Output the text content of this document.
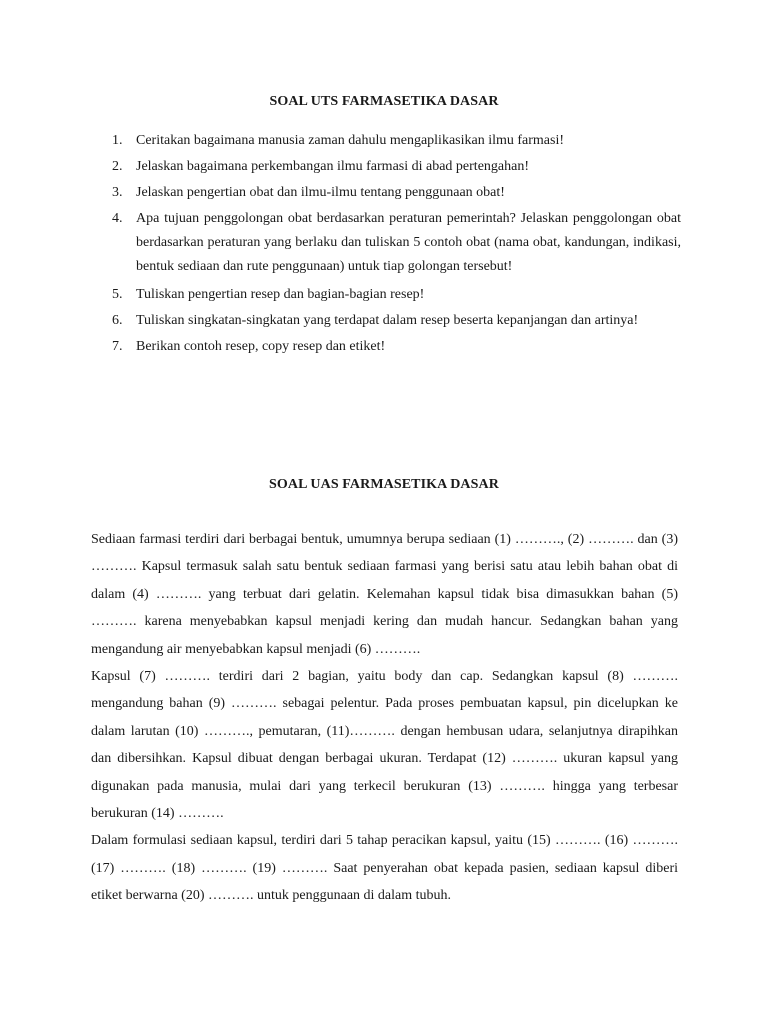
SOAL UTS FARMASETIKA DASAR
1. Ceritakan bagaimana manusia zaman dahulu mengaplikasikan ilmu farmasi!
2. Jelaskan bagaimana perkembangan ilmu farmasi di abad pertengahan!
3. Jelaskan pengertian obat dan ilmu-ilmu tentang penggunaan obat!
4. Apa tujuan penggolongan obat berdasarkan peraturan pemerintah? Jelaskan penggolongan obat berdasarkan peraturan yang berlaku dan tuliskan 5 contoh obat (nama obat, kandungan, indikasi, bentuk sediaan dan rute penggunaan) untuk tiap golongan tersebut!
5. Tuliskan pengertian resep dan bagian-bagian resep!
6. Tuliskan singkatan-singkatan yang terdapat dalam resep beserta kepanjangan dan artinya!
7. Berikan contoh resep, copy resep dan etiket!
SOAL UAS FARMASETIKA DASAR

Sediaan farmasi terdiri dari berbagai bentuk, umumnya berupa sediaan (1) ………., (2) ………. dan (3) ………. Kapsul termasuk salah satu bentuk sediaan farmasi yang berisi satu atau lebih bahan obat di dalam (4) ………. yang terbuat dari gelatin. Kelemahan kapsul tidak bisa dimasukkan bahan (5) ………. karena menyebabkan kapsul menjadi kering dan mudah hancur. Sedangkan bahan yang mengandung air menyebabkan kapsul menjadi (6) ……….

Kapsul (7) ………. terdiri dari 2 bagian, yaitu body dan cap. Sedangkan kapsul (8) ………. mengandung bahan (9) ………. sebagai pelentur. Pada proses pembuatan kapsul, pin dicelupkan ke dalam larutan (10) ………., pemutaran, (11)………. dengan hembusan udara, selanjutnya dirapihkan dan dibersihkan. Kapsul dibuat dengan berbagai ukuran. Terdapat (12) ………. ukuran kapsul yang digunakan pada manusia, mulai dari yang terkecil berukuran (13) ………. hingga yang terbesar berukuran (14) ……….

Dalam formulasi sediaan kapsul, terdiri dari 5 tahap peracikan kapsul, yaitu (15) ………. (16) ………. (17) ………. (18) ………. (19) ………. Saat penyerahan obat kepada pasien, sediaan kapsul diberi etiket berwarna (20) ………. untuk penggunaan di dalam tubuh.
